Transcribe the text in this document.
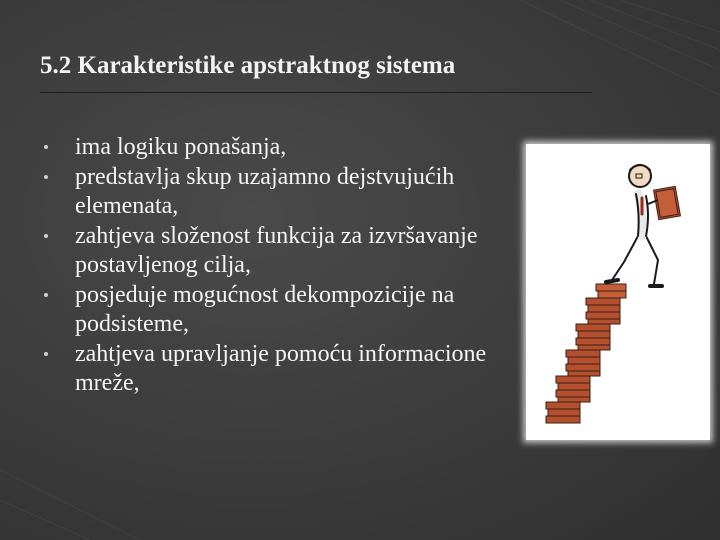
5.2 Karakteristike apstraktnog sistema
ima logiku ponašanja,
predstavlja skup uzajamno dejstvujućih elemenata,
zahtjeva složenost funkcija za izvršavanje postavljenog cilja,
posjeduje mogućnost dekompozicije na podsisteme,
zahtjeva upravljanje pomoću informacione mreže,
